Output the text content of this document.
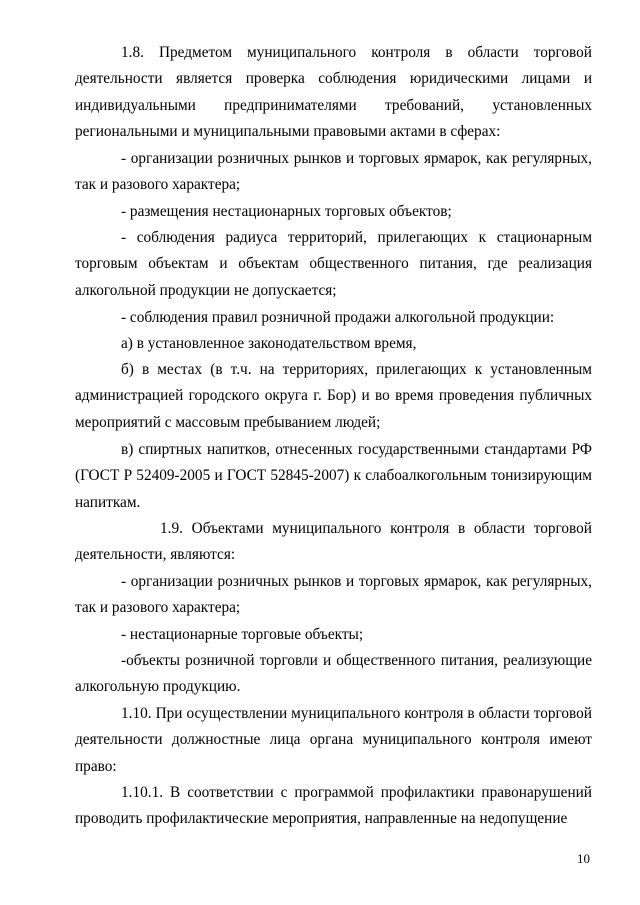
1.8. Предметом муниципального контроля в области торговой деятельности является проверка соблюдения юридическими лицами и индивидуальными предпринимателями требований, установленных региональными и муниципальными правовыми актами в сферах:

- организации розничных рынков и торговых ярмарок, как регулярных, так и разового характера;

- размещения нестационарных торговых объектов;

- соблюдения радиуса территорий, прилегающих к стационарным торговым объектам и объектам общественного питания, где реализация алкогольной продукции не допускается;

- соблюдения правил розничной продажи алкогольной продукции:

а) в установленное законодательством время,

б) в местах (в т.ч. на территориях, прилегающих к установленным администрацией городского округа г. Бор) и во время проведения публичных мероприятий с массовым пребыванием людей;

в) спиртных напитков, отнесенных государственными стандартами РФ (ГОСТ Р 52409-2005 и ГОСТ 52845-2007) к слабоалкогольным тонизирующим напиткам.

1.9. Объектами муниципального контроля в области торговой деятельности, являются:

- организации розничных рынков и торговых ярмарок, как регулярных, так и разового характера;

- нестационарные торговые объекты;

-объекты розничной торговли и общественного питания, реализующие алкогольную продукцию.

1.10. При осуществлении муниципального контроля в области торговой деятельности должностные лица органа муниципального контроля имеют право:

1.10.1. В соответствии с программой профилактики правонарушений проводить профилактические мероприятия, направленные на недопущение

10
